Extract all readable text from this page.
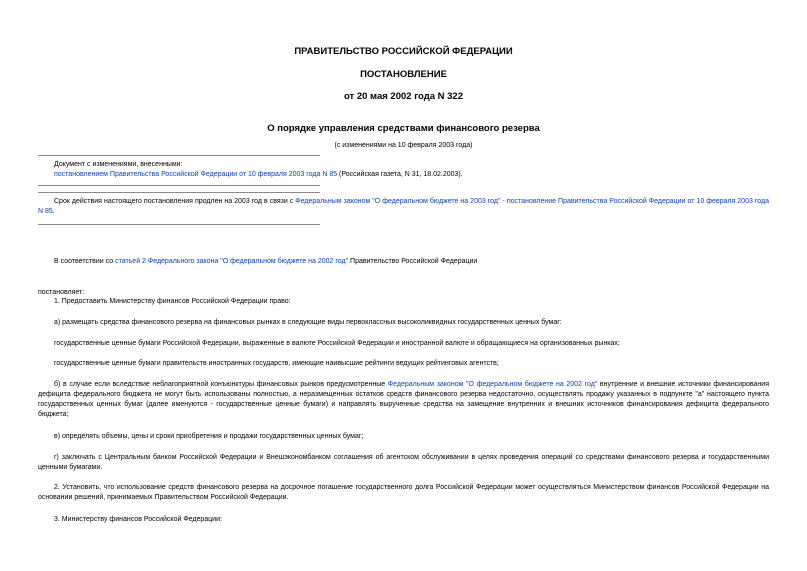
ПРАВИТЕЛЬСТВО РОССИЙСКОЙ ФЕДЕРАЦИИ
ПОСТАНОВЛЕНИЕ
от 20 мая 2002 года N 322
О порядке управления средствами финансового резерва
(с изменениями на 10 февраля 2003 года)
Документ с изменениями, внесенными:
постановлением Правительства Российской Федерации от 10 февраля 2003 года N 85 (Российская газета, N 31, 18.02.2003).
Срок действия настоящего постановления продлен на 2003 год в связи с Федеральным законом "О федеральном бюджете на 2003 год" - постановление Правительства Российской Федерации от 10 февраля 2003 года N 85.
В соответствии со статьей 2 Федерального закона "О федеральном бюджете на 2002 год" Правительство Российской Федерации
постановляет:
1. Предоставить Министерству финансов Российской Федерации право:
а) размещать средства финансового резерва на финансовых рынках в следующие виды первоклассных высоколиквидных государственных ценных бумаг:
государственные ценные бумаги Российской Федерации, выраженные в валюте Российской Федерации и иностранной валюте и обращающиеся на организованных рынках;
государственные ценные бумаги правительств иностранных государств, имеющие наивысшие рейтинги ведущих рейтинговых агентств;
б) в случае если вследствие неблагоприятной конъюнктуры финансовых рынков предусмотренные Федеральным законом "О федеральном бюджете на 2002 год" внутренние и внешние источники финансирования дефицита федерального бюджета не могут быть использованы полностью, а неразмещенных остатков средств финансового резерва недостаточно, осуществлять продажу указанных в подпункте "а" настоящего пункта государственных ценных бумаг (далее именуются - государственные ценные бумаги) и направлять вырученные средства на замещение внутренних и внешних источников финансирования дефицита федерального бюджета;
в) определять объемы, цены и сроки приобретения и продажи государственных ценных бумаг;
г) заключать с Центральным банком Российской Федерации и Внешэкономбанком соглашения об агентском обслуживании в целях проведения операций со средствами финансового резерва и государственными ценными бумагами.
2. Установить, что использование средств финансового резерва на досрочное погашение государственного долга Российской Федерации может осуществляться Министерством финансов Российской Федерации на основании решений, принимаемых Правительством Российской Федерации.
3. Министерству финансов Российской Федерации:
